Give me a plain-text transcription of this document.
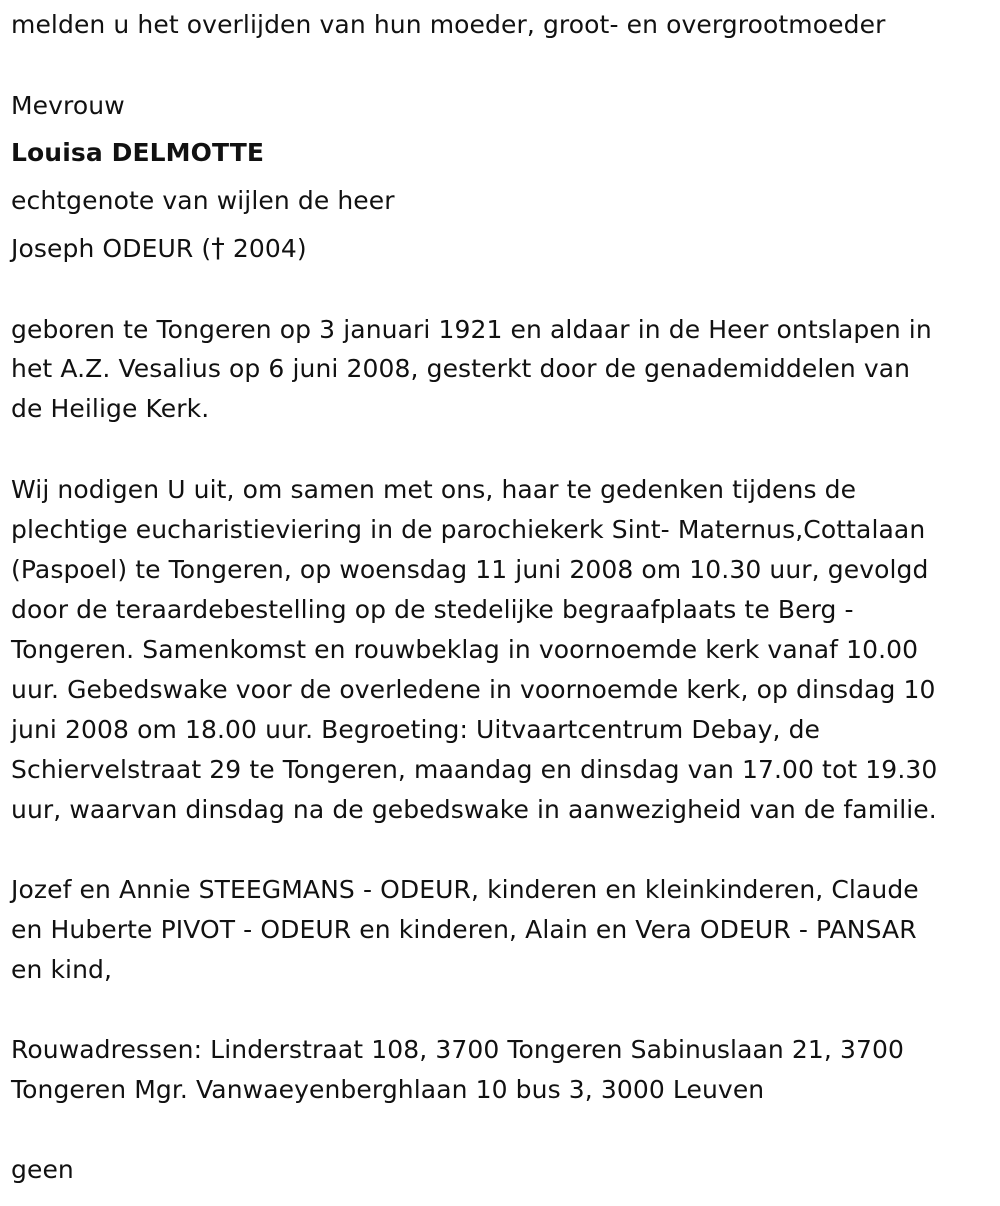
melden u het overlijden van hun moeder, groot- en overgrootmoeder
Mevrouw
Louisa DELMOTTE
echtgenote van wijlen de heer
Joseph ODEUR († 2004)
geboren te Tongeren op 3 januari 1921 en aldaar in de Heer ontslapen in
het A.Z. Vesalius op 6 juni 2008, gesterkt door de genademiddelen van
de Heilige Kerk.
Wij nodigen U uit, om samen met ons, haar te gedenken tijdens de
plechtige eucharistieviering in de parochiekerk Sint- Maternus,Cottalaan
(Paspoel) te Tongeren, op woensdag 11 juni 2008 om 10.30 uur, gevolgd
door de teraardebestelling op de stedelijke begraafplaats te Berg -
Tongeren. Samenkomst en rouwbeklag in voornoemde kerk vanaf 10.00
uur. Gebedswake voor de overledene in voornoemde kerk, op dinsdag 10
juni 2008 om 18.00 uur. Begroeting: Uitvaartcentrum Debay, de
Schiervelstraat 29 te Tongeren, maandag en dinsdag van 17.00 tot 19.30
uur, waarvan dinsdag na de gebedswake in aanwezigheid van de familie.
Jozef en Annie STEEGMANS - ODEUR, kinderen en kleinkinderen, Claude
en Huberte PIVOT - ODEUR en kinderen, Alain en Vera ODEUR - PANSAR
en kind,
Rouwadressen: Linderstraat 108, 3700 Tongeren Sabinuslaan 21, 3700
Tongeren Mgr. Vanwaeyenberghlaan 10 bus 3, 3000 Leuven
geen
